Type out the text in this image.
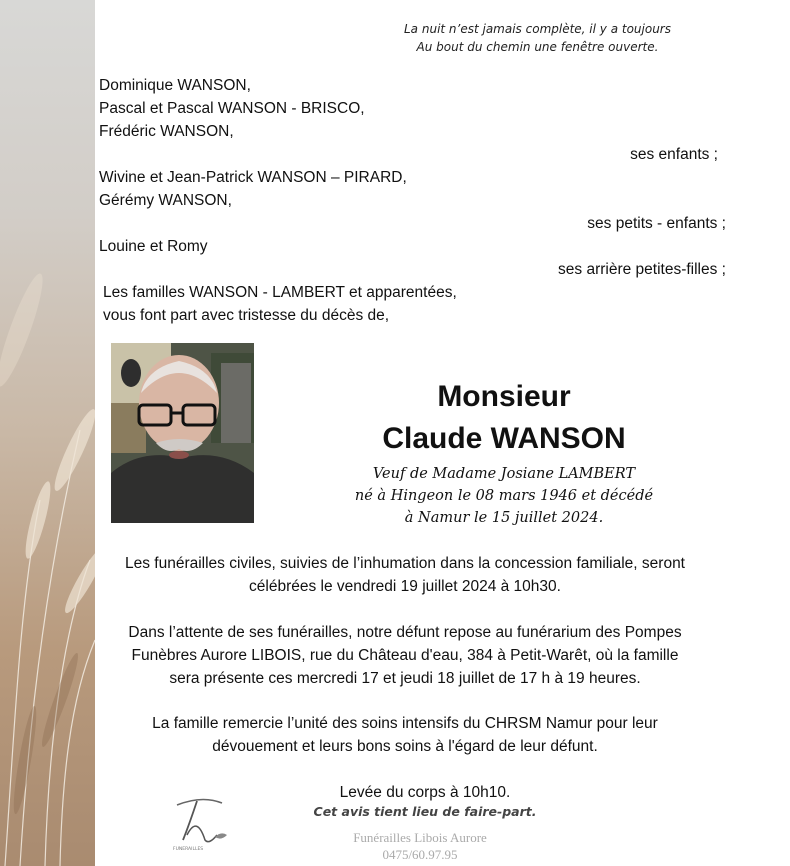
La nuit n’est jamais complète, il y a toujours
Au bout du chemin une fenêtre ouverte.
Dominique WANSON,
Pascal et Pascal WANSON - BRISCO,
Frédéric WANSON,
ses enfants ;
Wivine et Jean-Patrick WANSON – PIRARD,
Gérémy WANSON,
ses petits - enfants ;
Louine et Romy
ses arrière petites-filles ;
Les familles WANSON - LAMBERT et apparentées,
vous font part avec tristesse du décès de,
Monsieur
Claude WANSON
Veuf de Madame Josiane LAMBERT
né à Hingeon le 08 mars 1946 et décédé
à Namur le 15 juillet 2024.
Les funérailles civiles, suivies de l’inhumation dans la concession familiale, seront
célébrées le vendredi 19 juillet 2024 à 10h30.
Dans l’attente de ses funérailles, notre défunt repose au funérarium des Pompes
Funèbres Aurore LIBOIS, rue du Château d'eau, 384 à Petit-Warêt, où la famille
sera présente ces mercredi 17 et jeudi 18 juillet de 17 h à 19 heures.
La famille remercie l’unité des soins intensifs du CHRSM Namur pour leur
dévouement et leurs bons soins à l'égard de leur défunt.
Levée du corps à 10h10.
Cet avis tient lieu de faire-part.
FUNERAILLES
Funérailles Libois Aurore
0475/60.97.95
